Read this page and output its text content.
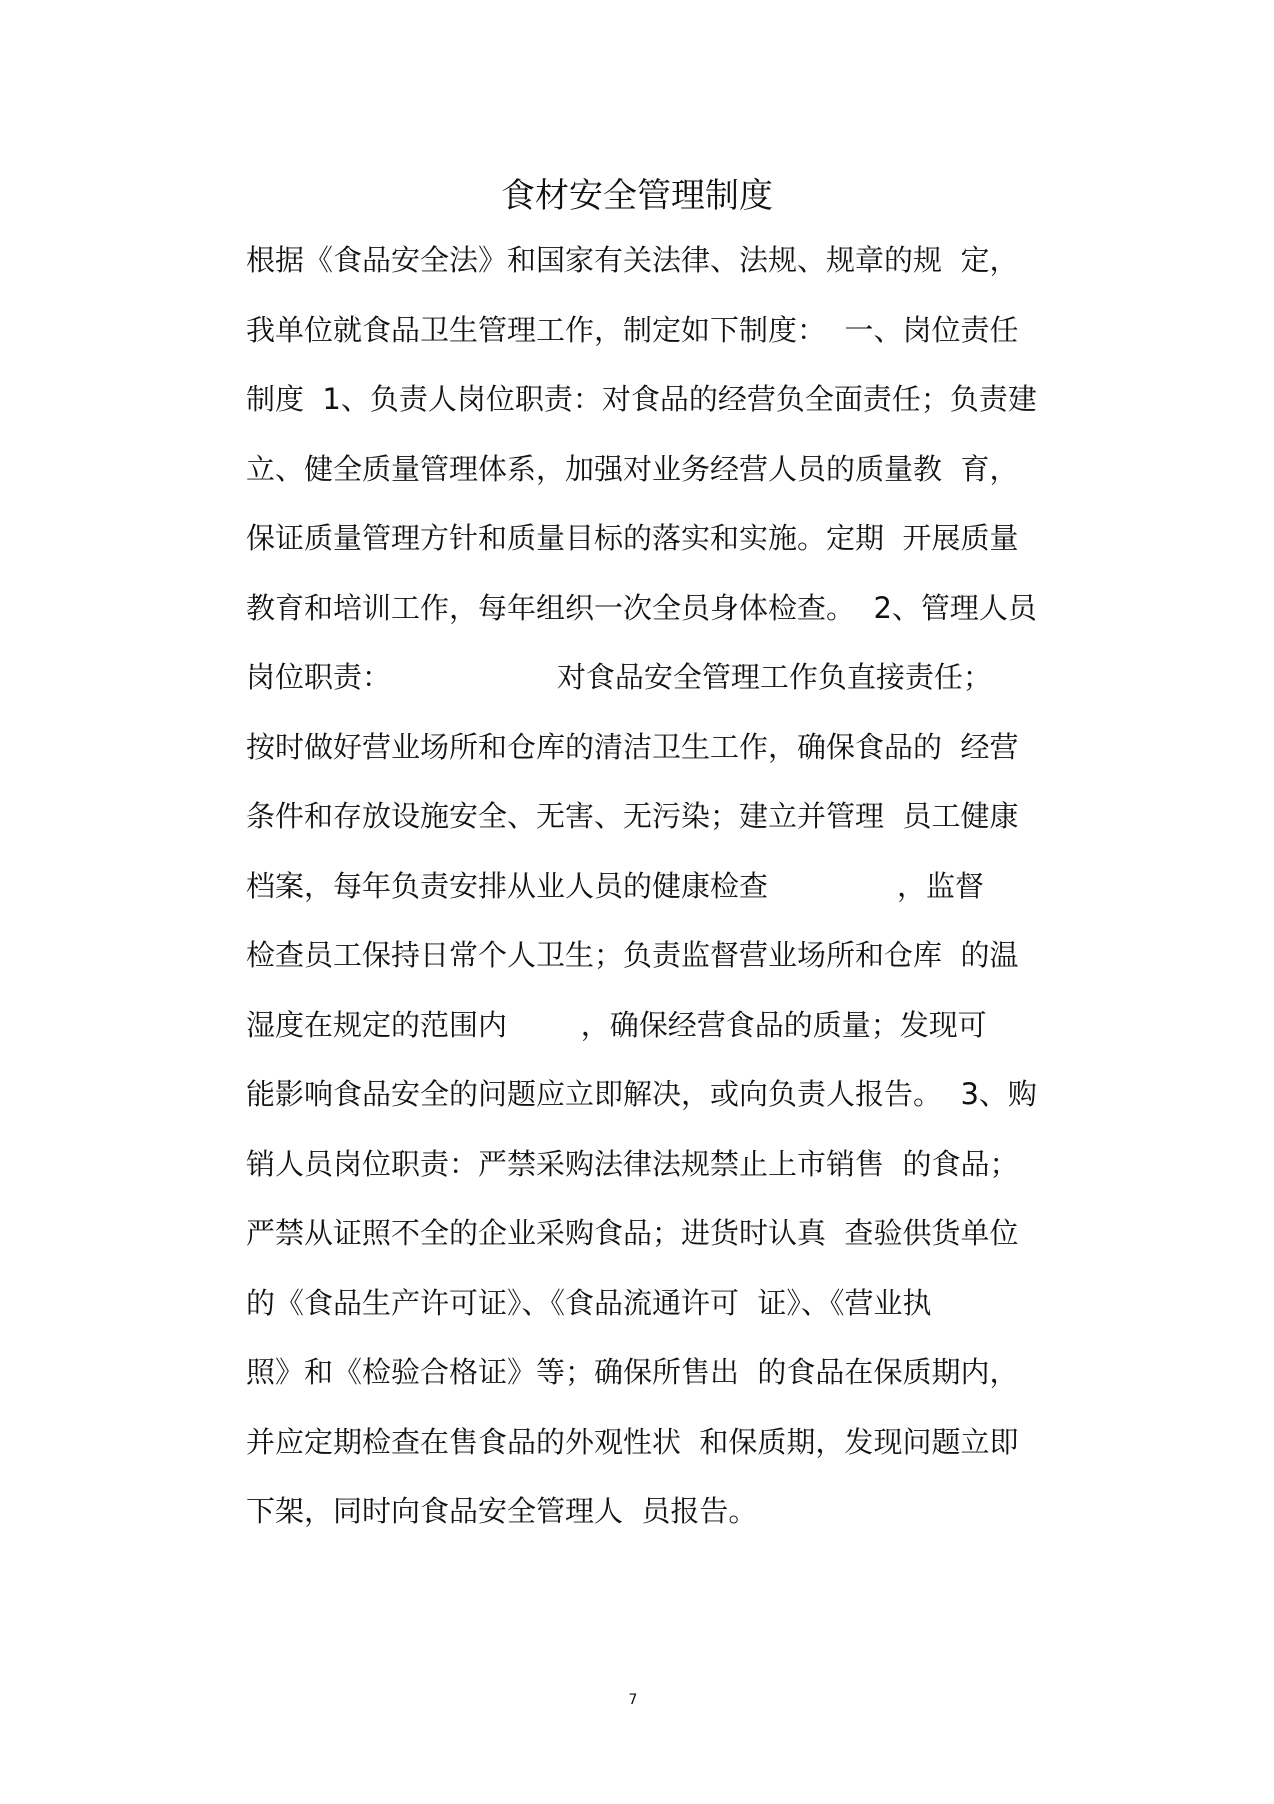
食材安全管理制度
根据《食品安全法》和国家有关法律、法规、规章的规  定，
我单位就食品卫生管理工作，制定如下制度：  一、岗位责任
制度  1、负责人岗位职责：对食品的经营负全面责任；负责建
立、健全质量管理体系，加强对业务经营人员的质量教  育，
保证质量管理方针和质量目标的落实和实施。定期  开展质量
教育和培训工作，每年组织一次全员身体检查。  2、管理人员
岗位职责：                  对食品安全管理工作负直接责任；
按时做好营业场所和仓库的清洁卫生工作，确保食品的  经营
条件和存放设施安全、无害、无污染；建立并管理  员工健康
档案，每年负责安排从业人员的健康检查              ，监督
检查员工保持日常个人卫生；负责监督营业场所和仓库  的温
湿度在规定的范围内        ，确保经营食品的质量；发现可
能影响食品安全的问题应立即解决，或向负责人报告。  3、购
销人员岗位职责：严禁采购法律法规禁止上市销售  的食品；
严禁从证照不全的企业采购食品；进货时认真  查验供货单位
的《食品生产许可证》、《食品流通许可  证》、《营业执
照》和《检验合格证》等；确保所售出  的食品在保质期内，
并应定期检查在售食品的外观性状  和保质期，发现问题立即
下架，同时向食品安全管理人  员报告。
7
